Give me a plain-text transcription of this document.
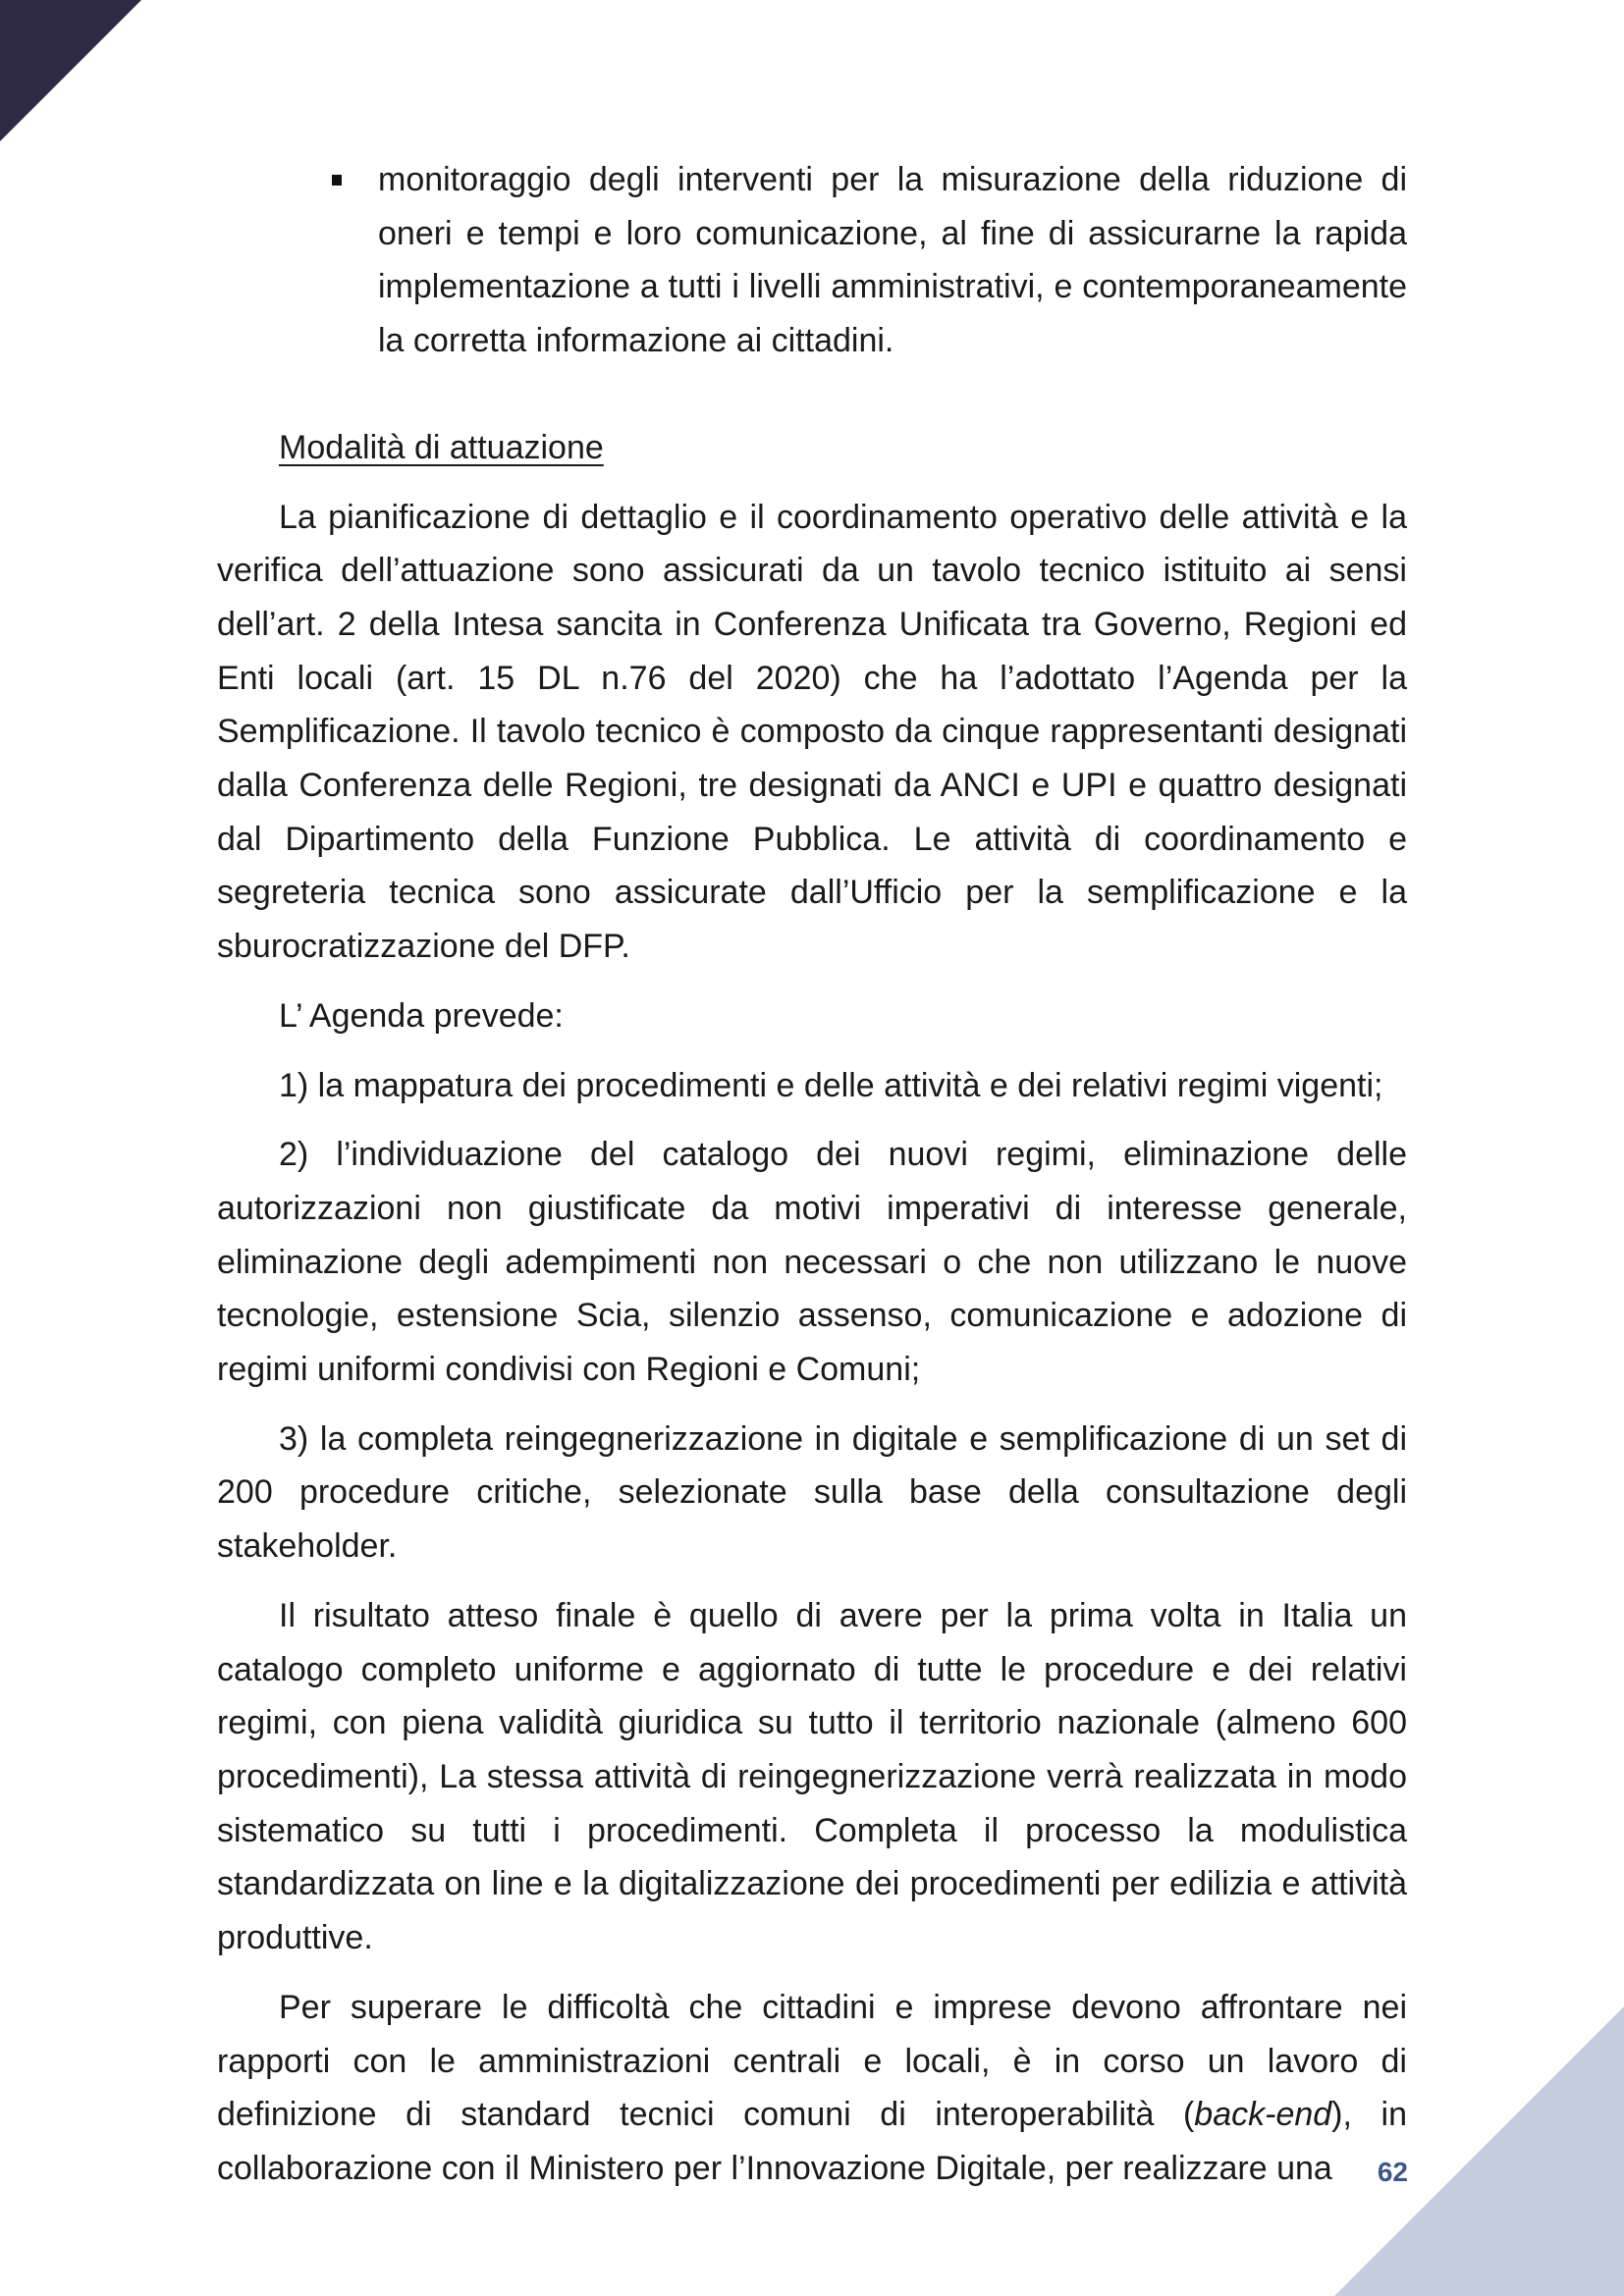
monitoraggio degli interventi per la misurazione della riduzione di oneri e tempi e loro comunicazione, al fine di assicurarne la rapida implementazione a tutti i livelli amministrativi, e contemporaneamente la corretta informazione ai cittadini.
Modalità di attuazione

La pianificazione di dettaglio e il coordinamento operativo delle attività e la verifica dell’attuazione sono assicurati da un tavolo tecnico istituito ai sensi dell’art. 2 della Intesa sancita in Conferenza Unificata tra Governo, Regioni ed Enti locali (art. 15 DL n.76 del 2020) che ha l’adottato l’Agenda per la Semplificazione. Il tavolo tecnico è composto da cinque rappresentanti designati dalla Conferenza delle Regioni, tre designati da ANCI e UPI e quattro designati dal Dipartimento della Funzione Pubblica. Le attività di coordinamento e segreteria tecnica sono assicurate dall’Ufficio per la semplificazione e la sburocratizzazione del DFP.

L’ Agenda prevede:

1) la mappatura dei procedimenti e delle attività e dei relativi regimi vigenti;

2) l’individuazione del catalogo dei nuovi regimi, eliminazione delle autorizzazioni non giustificate da motivi imperativi di interesse generale, eliminazione degli adempimenti non necessari o che non utilizzano le nuove tecnologie, estensione Scia, silenzio assenso, comunicazione e adozione di regimi uniformi condivisi con Regioni e Comuni;

3) la completa reingegnerizzazione in digitale e semplificazione di un set di 200 procedure critiche, selezionate sulla base della consultazione degli stakeholder.

Il risultato atteso finale è quello di avere per la prima volta in Italia un catalogo completo uniforme e aggiornato di tutte le procedure e dei relativi regimi, con piena validità giuridica su tutto il territorio nazionale (almeno 600 procedimenti), La stessa attività di reingegnerizzazione verrà realizzata in modo sistematico su tutti i procedimenti. Completa il processo la modulistica standardizzata on line e la digitalizzazione dei procedimenti per edilizia e attività produttive.

Per superare le difficoltà che cittadini e imprese devono affrontare nei rapporti con le amministrazioni centrali e locali, è in corso un lavoro di definizione di standard tecnici comuni di interoperabilità (back-end), in collaborazione con il Ministero per l’Innovazione Digitale, per realizzare una	62
